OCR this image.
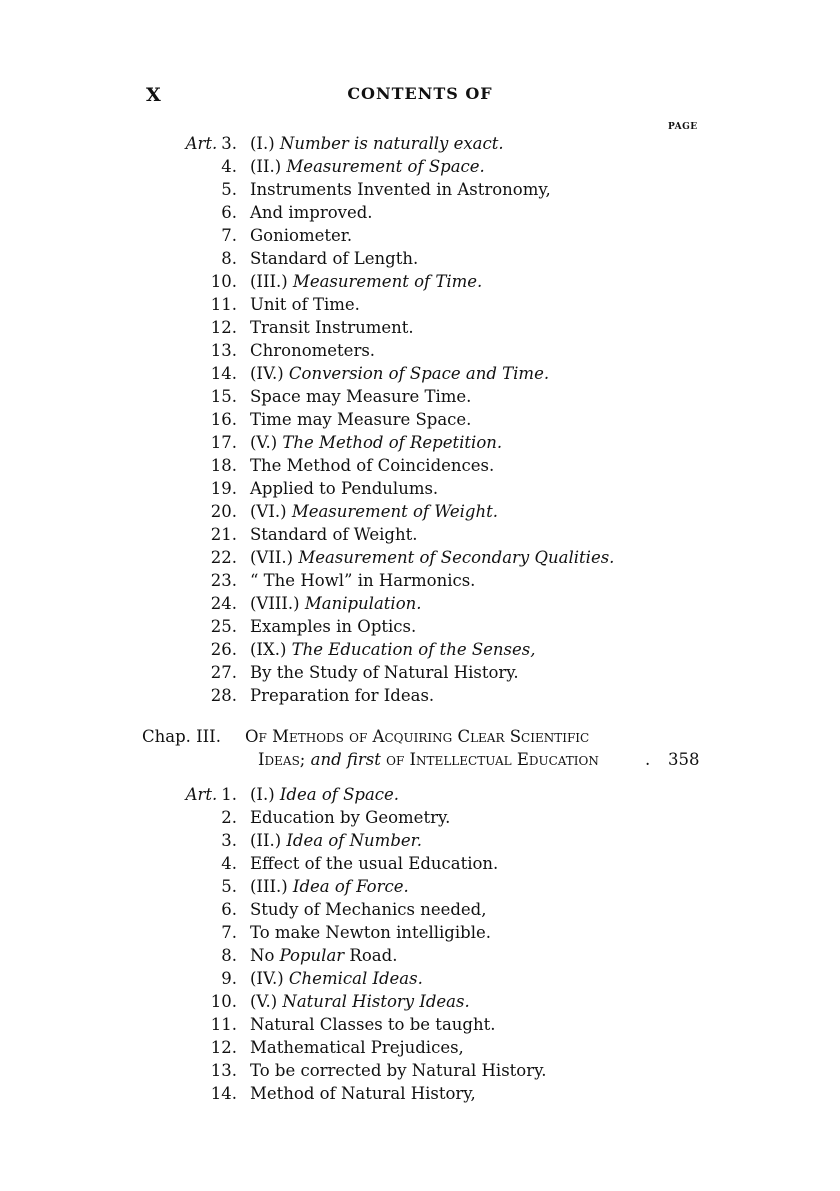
X	CONTENTS OF
PAGE
Art. 3. (I.) Number is naturally exact.
4. (II.) Measurement of Space.
5. Instruments Invented in Astronomy,
6. And improved.
7. Goniometer.
8. Standard of Length.
10. (III.) Measurement of Time.
11. Unit of Time.
12. Transit Instrument.
13. Chronometers.
14. (IV.) Conversion of Space and Time.
15. Space may Measure Time.
16. Time may Measure Space.
17. (V.) The Method of Repetition.
18. The Method of Coincidences.
19. Applied to Pendulums.
20. (VI.) Measurement of Weight.
21. Standard of Weight.
22. (VII.) Measurement of Secondary Qualities.
23. “ The Howl” in Harmonics.
24. (VIII.) Manipulation.
25. Examples in Optics.
26. (IX.) The Education of the Senses,
27. By the Study of Natural History.
28. Preparation for Ideas.
Chap. III. Of Methods of Acquiring Clear Scientific
Ideas; and first of Intellectual Education	. 358
Art. 1. (I.) Idea of Space.
2. Education by Geometry.
3. (II.) Idea of Number.
4. Effect of the usual Education.
5. (III.) Idea of Force.
6. Study of Mechanics needed,
7. To make Newton intelligible.
8. No Popular Road.
9. (IV.) Chemical Ideas.
10. (V.) Natural History Ideas.
11. Natural Classes to be taught.
12. Mathematical Prejudices,
13. To be corrected by Natural History.
14. Method of Natural History,
